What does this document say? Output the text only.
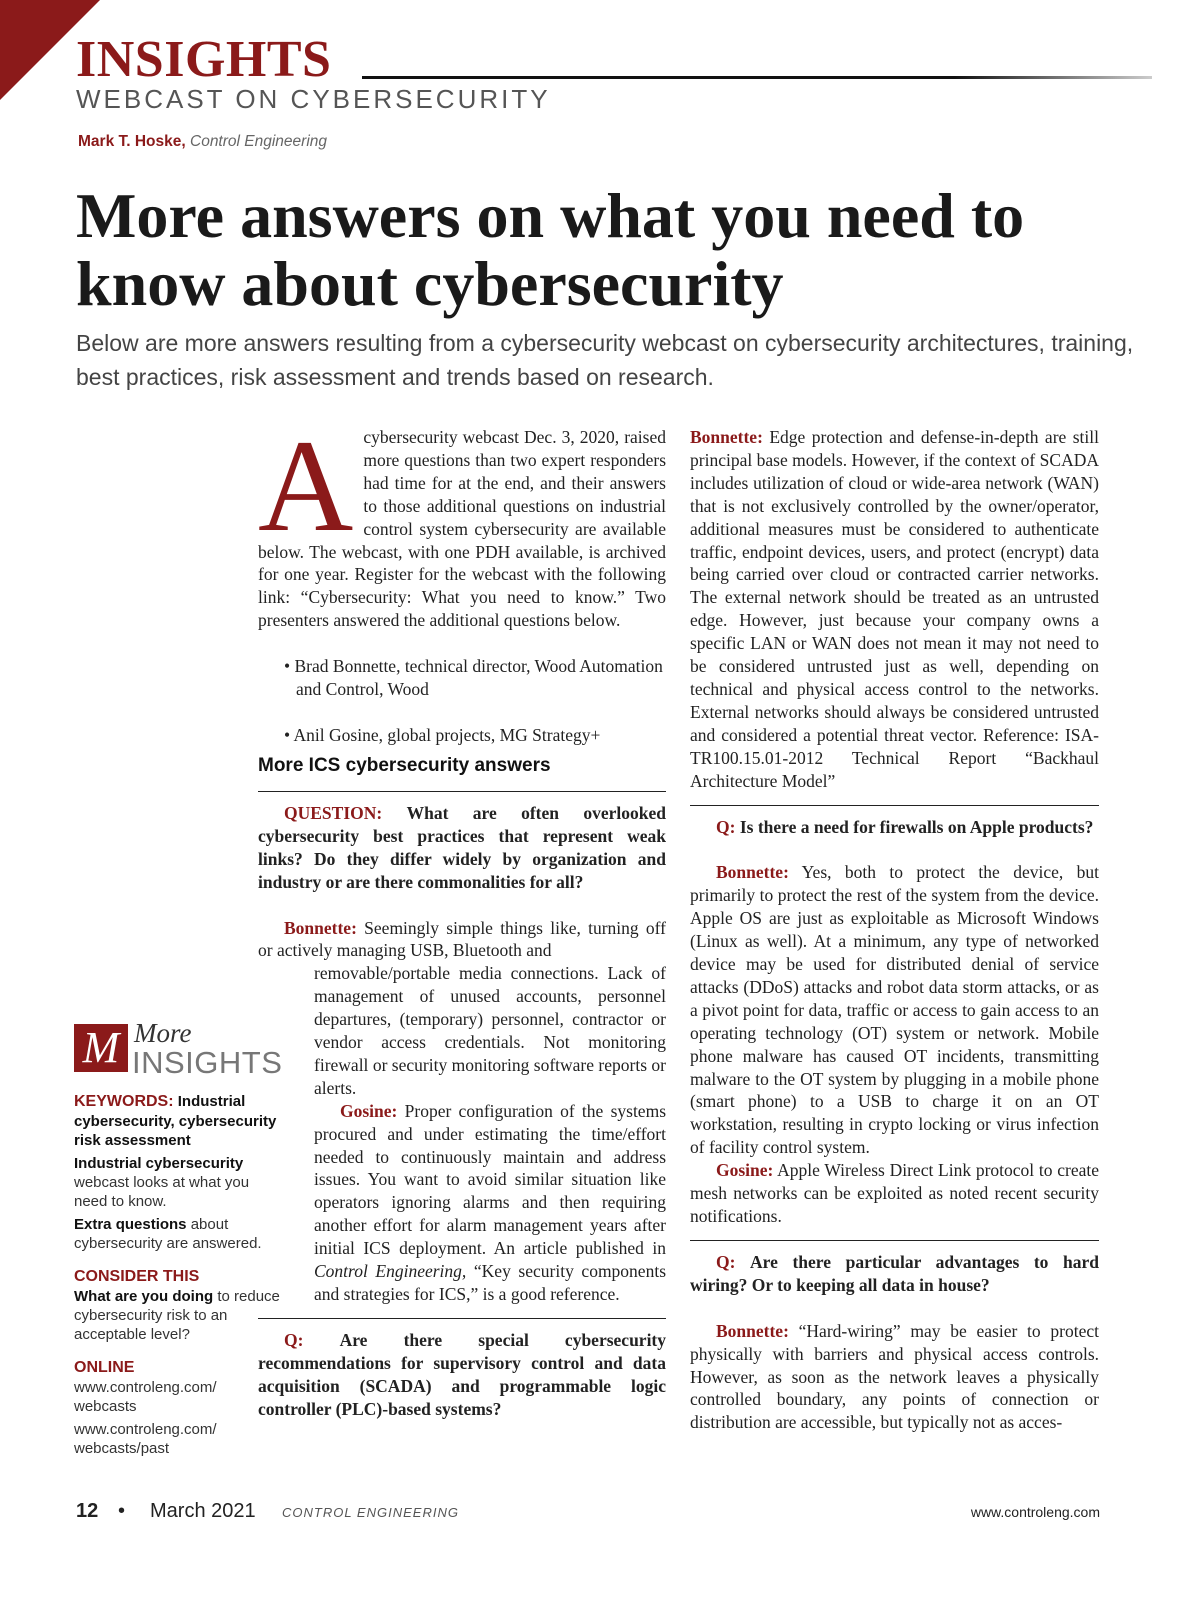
INSIGHTS
WEBCAST ON CYBERSECURITY
Mark T. Hoske, Control Engineering
More answers on what you need to know about cybersecurity

Below are more answers resulting from a cybersecurity webcast on cybersecurity architectures, training, best practices, risk assessment and trends based on research.

A cybersecurity webcast Dec. 3, 2020, raised more questions than two expert responders had time for at the end, and their answers to those additional questions on industrial control system cybersecurity are available below. The webcast, with one PDH available, is archived for one year. Register for the webcast with the following link: “Cybersecurity: What you need to know.” Two presenters answered the additional questions below.

• Brad Bonnette, technical director, Wood Automation and Control, Wood

• Anil Gosine, global projects, MG Strategy+

More ICS cybersecurity answers

QUESTION: What are often overlooked cybersecurity best practices that represent weak links? Do they differ widely by organization and industry or are there commonalities for all?

Bonnette: Seemingly simple things like, turning off or actively managing USB, Bluetooth and

removable/portable media connections. Lack of management of unused accounts, personnel departures, (temporary) personnel, contractor or vendor access credentials. Not monitoring firewall or security monitoring software reports or alerts.

Gosine: Proper configuration of the systems procured and under estimating the time/effort needed to continuously maintain and address issues. You want to avoid similar situation like operators ignoring alarms and then requiring another effort for alarm management years after initial ICS deployment. An article published in Control Engineering, “Key security components and strategies for ICS,” is a good reference.

Q: Are there special cybersecurity recommendations for supervisory control and data acquisition (SCADA) and programmable logic controller (PLC)-based systems?

Bonnette: Edge protection and defense-in-depth are still principal base models. However, if the context of SCADA includes utilization of cloud or wide-area network (WAN) that is not exclusively controlled by the owner/operator, additional measures must be considered to authenticate traffic, endpoint devices, users, and protect (encrypt) data being carried over cloud or contracted carrier networks. The external network should be treated as an untrusted edge. However, just because your company owns a specific LAN or WAN does not mean it may not need to be considered untrusted just as well, depending on technical and physical access control to the networks. External networks should always be considered untrusted and considered a potential threat vector. Reference: ISA-TR100.15.01-2012 Technical Report “Backhaul Architecture Model”

Q: Is there a need for firewalls on Apple products?

Bonnette: Yes, both to protect the device, but primarily to protect the rest of the system from the device. Apple OS are just as exploitable as Microsoft Windows (Linux as well). At a minimum, any type of networked device may be used for distributed denial of service attacks (DDoS) attacks and robot data storm attacks, or as a pivot point for data, traffic or access to gain access to an operating technology (OT) system or network. Mobile phone malware has caused OT incidents, transmitting malware to the OT system by plugging in a mobile phone (smart phone) to a USB to charge it on an OT workstation, resulting in crypto locking or virus infection of facility control system.

Gosine: Apple Wireless Direct Link protocol to create mesh networks can be exploited as noted recent security notifications.

Q: Are there particular advantages to hard wiring? Or to keeping all data in house?

Bonnette: “Hard-wiring” may be easier to protect physically with barriers and physical access controls. However, as soon as the network leaves a physically controlled boundary, any points of connection or distribution are accessible, but typically not as acces-

M More
INSIGHTS

KEYWORDS: Industrial cybersecurity, cybersecurity risk assessment

Industrial cybersecurity webcast looks at what you need to know.

Extra questions about cybersecurity are answered.

CONSIDER THIS

What are you doing to reduce cybersecurity risk to an acceptable level?

ONLINE

www.controleng.com/ webcasts

www.controleng.com/ webcasts/past

12 • March 2021 CONTROL ENGINEERING	www.controleng.com
